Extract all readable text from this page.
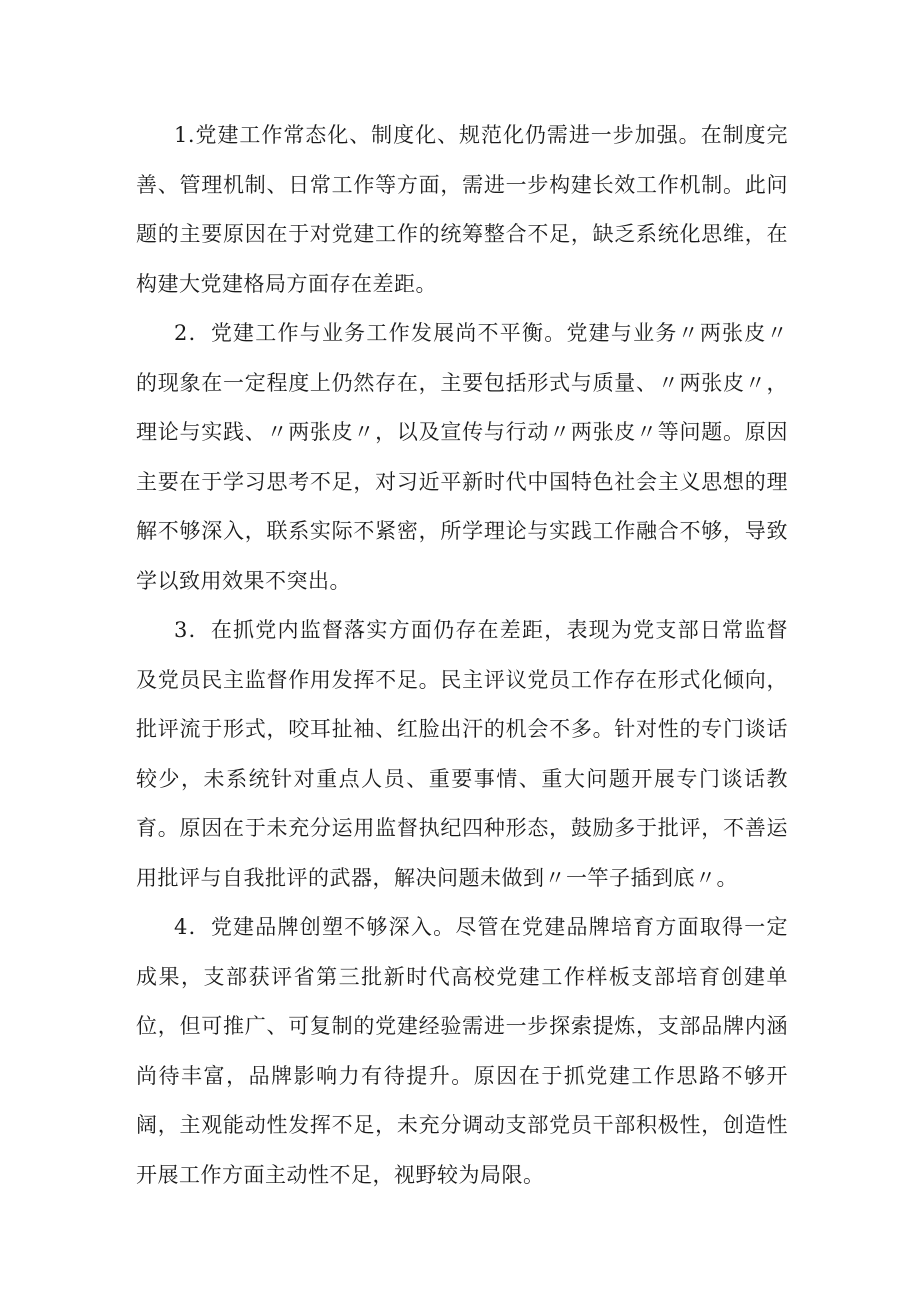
1.党建工作常态化、制度化、规范化仍需进一步加强。在制度完善、管理机制、日常工作等方面，需进一步构建长效工作机制。此问题的主要原因在于对党建工作的统筹整合不足，缺乏系统化思维，在构建大党建格局方面存在差距。

2．党建工作与业务工作发展尚不平衡。党建与业务〃两张皮〃的现象在一定程度上仍然存在，主要包括形式与质量、〃两张皮〃，理论与实践、〃两张皮〃，以及宣传与行动〃两张皮〃等问题。原因主要在于学习思考不足，对习近平新时代中国特色社会主义思想的理解不够深入，联系实际不紧密，所学理论与实践工作融合不够，导致学以致用效果不突出。

3．在抓党内监督落实方面仍存在差距，表现为党支部日常监督及党员民主监督作用发挥不足。民主评议党员工作存在形式化倾向，批评流于形式，咬耳扯袖、红脸出汗的机会不多。针对性的专门谈话较少，未系统针对重点人员、重要事情、重大问题开展专门谈话教育。原因在于未充分运用监督执纪四种形态，鼓励多于批评，不善运用批评与自我批评的武器，解决问题未做到〃一竿子插到底〃。

4．党建品牌创塑不够深入。尽管在党建品牌培育方面取得一定成果，支部获评省第三批新时代高校党建工作样板支部培育创建单位，但可推广、可复制的党建经验需进一步探索提炼，支部品牌内涵尚待丰富，品牌影响力有待提升。原因在于抓党建工作思路不够开阔，主观能动性发挥不足，未充分调动支部党员干部积极性，创造性开展工作方面主动性不足，视野较为局限。
